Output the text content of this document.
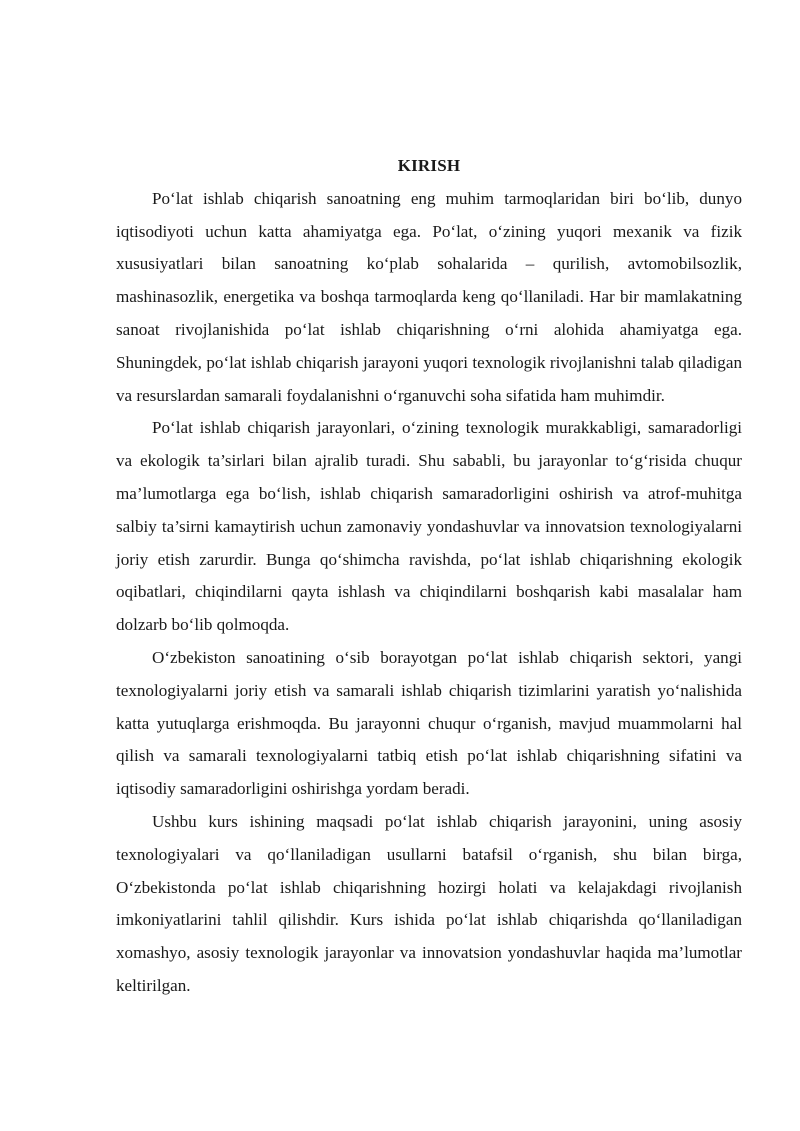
KIRISH

Po‘lat ishlab chiqarish sanoatning eng muhim tarmoqlaridan biri bo‘lib, dunyo iqtisodiyoti uchun katta ahamiyatga ega. Po‘lat, o‘zining yuqori mexanik va fizik xususiyatlari bilan sanoatning ko‘plab sohalarida – qurilish, avtomobilsozlik, mashinasozlik, energetika va boshqa tarmoqlarda keng qo‘llaniladi. Har bir mamlakatning sanoat rivojlanishida po‘lat ishlab chiqarishning o‘rni alohida ahamiyatga ega. Shuningdek, po‘lat ishlab chiqarish jarayoni yuqori texnologik rivojlanishni talab qiladigan va resurslardan samarali foydalanishni o‘rganuvchi soha sifatida ham muhimdir.

Po‘lat ishlab chiqarish jarayonlari, o‘zining texnologik murakkabligi, samaradorligi va ekologik ta’sirlari bilan ajralib turadi. Shu sababli, bu jarayonlar to‘g‘risida chuqur ma’lumotlarga ega bo‘lish, ishlab chiqarish samaradorligini oshirish va atrof-muhitga salbiy ta’sirni kamaytirish uchun zamonaviy yondashuvlar va innovatsion texnologiyalarni joriy etish zarurdir. Bunga qo‘shimcha ravishda, po‘lat ishlab chiqarishning ekologik oqibatlari, chiqindilarni qayta ishlash va chiqindilarni boshqarish kabi masalalar ham dolzarb bo‘lib qolmoqda.

O‘zbekiston sanoatining o‘sib borayotgan po‘lat ishlab chiqarish sektori, yangi texnologiyalarni joriy etish va samarali ishlab chiqarish tizimlarini yaratish yo‘nalishida katta yutuqlarga erishmoqda. Bu jarayonni chuqur o‘rganish, mavjud muammolarni hal qilish va samarali texnologiyalarni tatbiq etish po‘lat ishlab chiqarishning sifatini va iqtisodiy samaradorligini oshirishga yordam beradi.

Ushbu kurs ishining maqsadi po‘lat ishlab chiqarish jarayonini, uning asosiy texnologiyalari va qo‘llaniladigan usullarni batafsil o‘rganish, shu bilan birga, O‘zbekistonda po‘lat ishlab chiqarishning hozirgi holati va kelajakdagi rivojlanish imkoniyatlarini tahlil qilishdir. Kurs ishida po‘lat ishlab chiqarishda qo‘llaniladigan xomashyo, asosiy texnologik jarayonlar va innovatsion yondashuvlar haqida ma’lumotlar keltirilgan.
